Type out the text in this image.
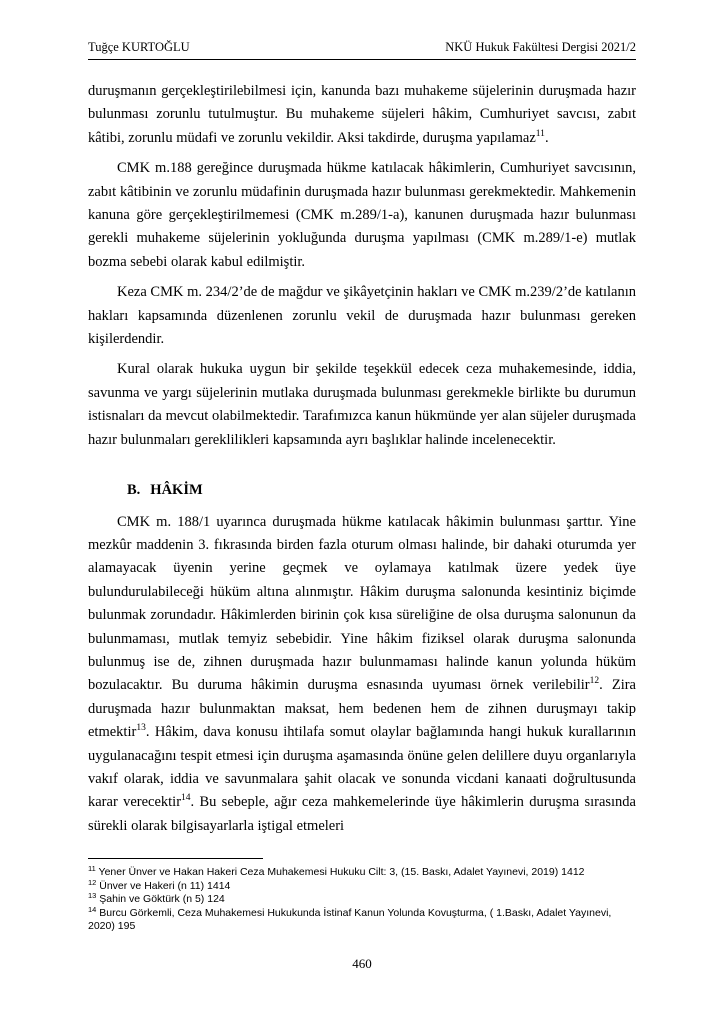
Tuğçe KURTOĞLU	NKÜ Hukuk Fakültesi Dergisi 2021/2

duruşmanın gerçekleştirilebilmesi için, kanunda bazı muhakeme süjelerinin duruşmada hazır bulunması zorunlu tutulmuştur. Bu muhakeme süjeleri hâkim, Cumhuriyet savcısı, zabıt kâtibi, zorunlu müdafi ve zorunlu vekildir. Aksi takdirde, duruşma yapılamaz$^{11}$.

CMK m.188 gereğince duruşmada hükme katılacak hâkimlerin, Cumhuriyet savcısının, zabıt kâtibinin ve zorunlu müdafinin duruşmada hazır bulunması gerekmektedir. Mahkemenin kanuna göre gerçekleştirilmemesi (CMK m.289/1-a), kanunen duruşmada hazır bulunması gerekli muhakeme süjelerinin yokluğunda duruşma yapılması (CMK m.289/1-e) mutlak bozma sebebi olarak kabul edilmiştir.

Keza CMK m. 234/2’de de mağdur ve şikâyetçinin hakları ve CMK m.239/2’de katılanın hakları kapsamında düzenlenen zorunlu vekil de duruşmada hazır bulunması gereken kişilerdendir.

Kural olarak hukuka uygun bir şekilde teşekkül edecek ceza muhakemesinde, iddia, savunma ve yargı süjelerinin mutlaka duruşmada bulunması gerekmekle birlikte bu durumun istisnaları da mevcut olabilmektedir. Tarafımızca kanun hükmünde yer alan süjeler duruşmada hazır bulunmaları gereklilikleri kapsamında ayrı başlıklar halinde incelenecektir.

B. HÂKİM

CMK m. 188/1 uyarınca duruşmada hükme katılacak hâkimin bulunması şarttır. Yine mezkûr maddenin 3. fıkrasında birden fazla oturum olması halinde, bir dahaki oturumda yer alamayacak üyenin yerine geçmek ve oylamaya katılmak üzere yedek üye bulundurulabileceği hüküm altına alınmıştır. Hâkim duruşma salonunda kesintiniz biçimde bulunmak zorundadır. Hâkimlerden birinin çok kısa süreliğine de olsa duruşma salonunun da bulunmaması, mutlak temyiz sebebidir. Yine hâkim fiziksel olarak duruşma salonunda bulunmuş ise de, zihnen duruşmada hazır bulunmaması halinde kanun yolunda hüküm bozulacaktır. Bu duruma hâkimin duruşma esnasında uyuması örnek verilebilir$^{12}$. Zira duruşmada hazır bulunmaktan maksat, hem bedenen hem de zihnen duruşmayı takip etmektir$^{13}$. Hâkim, dava konusu ihtilafa somut olaylar bağlamında hangi hukuk kurallarının uygulanacağını tespit etmesi için duruşma aşamasında önüne gelen delillere duyu organlarıyla vakıf olarak, iddia ve savunmalara şahit olacak ve sonunda vicdani kanaati doğrultusunda karar verecektir$^{14}$. Bu sebeple, ağır ceza mahkemelerinde üye hâkimlerin duruşma sırasında sürekli olarak bilgisayarlarla iştigal etmeleri

$^{11}$ Yener Ünver ve Hakan Hakeri Ceza Muhakemesi Hukuku Cilt: 3, (15. Baskı, Adalet Yayınevi, 2019) 1412
$^{12}$ Ünver ve Hakeri (n 11) 1414
$^{13}$ Şahin ve Göktürk (n 5) 124
$^{14}$ Burcu Görkemli, Ceza Muhakemesi Hukukunda İstinaf Kanun Yolunda Kovuşturma, ( 1.Baskı, Adalet Yayınevi, 2020) 195
460
